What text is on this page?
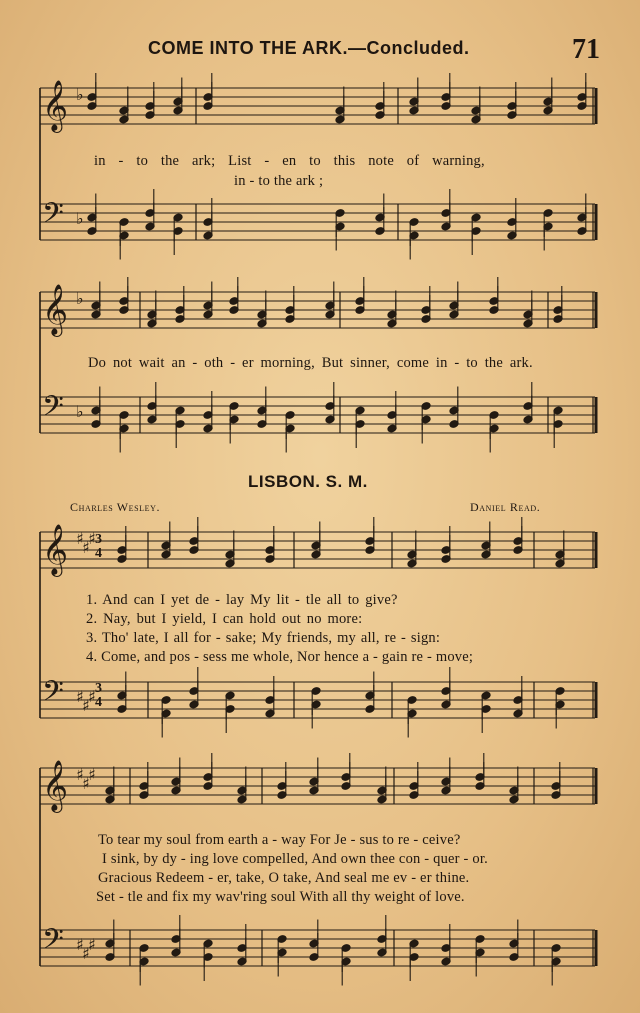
COME INTO THE ARK.—Concluded.	71
𝄞
𝄢
♭
♭
𝄞
𝄢
♭
♭
𝄞
𝄢
♯
♯
♯
♯
♯
♯
𝄞
𝄢
♯
♯
♯
♯
♯
♯
in - to the ark; List - en to this note of warning,
in - to the ark ;
Do not wait an - oth - er morning, But sinner, come in - to the ark.
LISBON. S. M.
Charles Wesley.	Daniel Read.
1. And can I yet de - lay My lit - tle all to give?
2. Nay, but I yield, I can hold out no more:
3. Tho' late, I all for - sake; My friends, my all, re - sign:
4. Come, and pos - sess me whole, Nor hence a - gain re - move;
To tear my soul from earth a - way For Je - sus to re - ceive?
I sink, by dy - ing love compelled, And own thee con - quer - or.
Gracious Redeem - er, take, O take, And seal me ev - er thine.
Set - tle and fix my wav'ring soul With all thy weight of love.
3
4
3
4
